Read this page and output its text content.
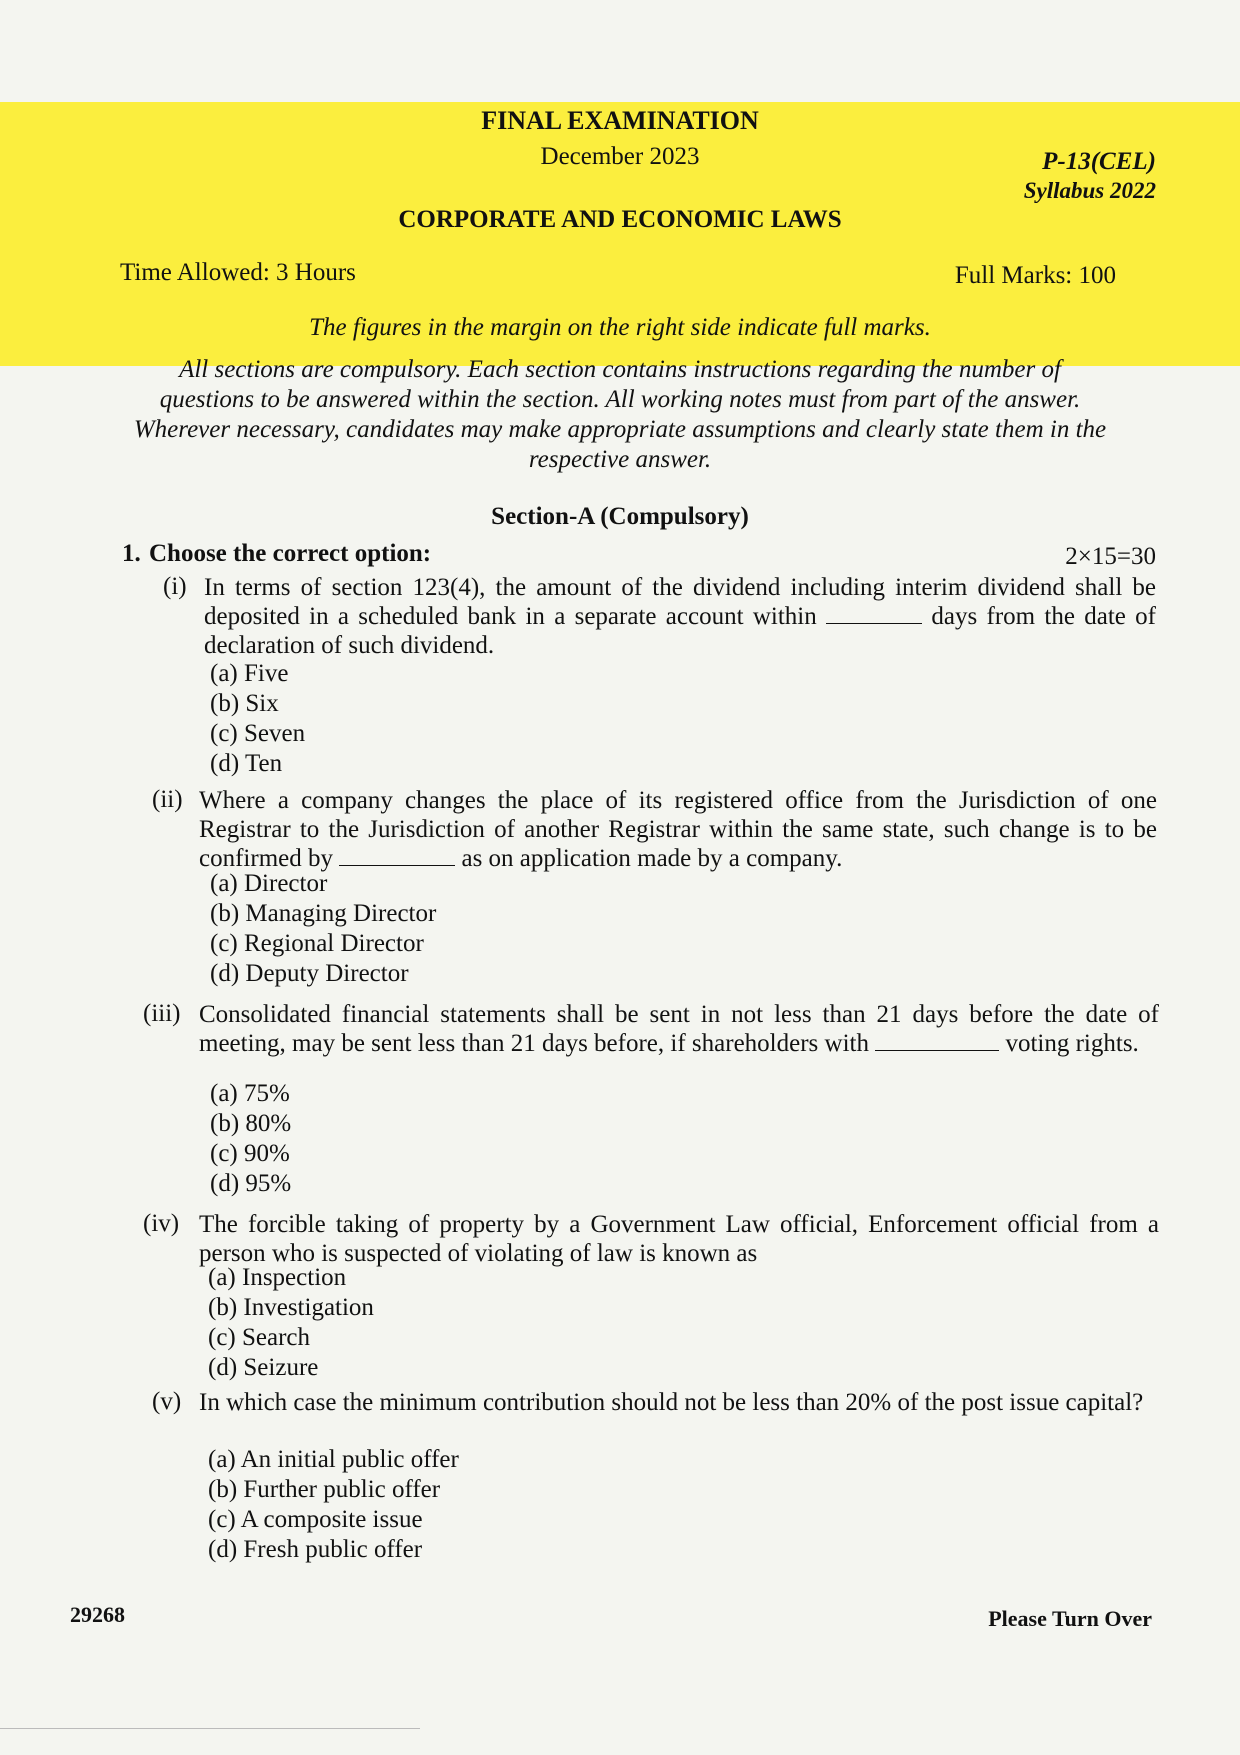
FINAL EXAMINATION
December 2023	P-13(CEL)
Syllabus 2022
CORPORATE AND ECONOMIC LAWS
Time Allowed: 3 Hours	Full Marks: 100
The figures in the margin on the right side indicate full marks.
All sections are compulsory. Each section contains instructions regarding the number of
questions to be answered within the section. All working notes must from part of the answer.
Wherever necessary, candidates may make appropriate assumptions and clearly state them in the
respective answer.
Section-A (Compulsory)
1. Choose the correct option:	2×15=30
(i) In terms of section 123(4), the amount of the dividend including interim dividend shall be deposited in a scheduled bank in a separate account within	days from the date of declaration of such dividend.
(a) Five
(b) Six
(c) Seven
(d) Ten
(ii) Where a company changes the place of its registered office from the Jurisdiction of one Registrar to the Jurisdiction of another Registrar within the same state, such change is to be confirmed by	as on application made by a company.
(a) Director
(b) Managing Director
(c) Regional Director
(d) Deputy Director
(iii) Consolidated financial statements shall be sent in not less than 21 days before the date of meeting, may be sent less than 21 days before, if shareholders with	voting rights.
(a) 75%
(b) 80%
(c) 90%
(d) 95%
(iv) The forcible taking of property by a Government Law official, Enforcement official from a person who is suspected of violating of law is known as
(a) Inspection
(b) Investigation
(c) Search
(d) Seizure
(v) In which case the minimum contribution should not be less than 20% of the post issue capital?
(a) An initial public offer
(b) Further public offer
(c) A composite issue
(d) Fresh public offer
29268	Please Turn Over
